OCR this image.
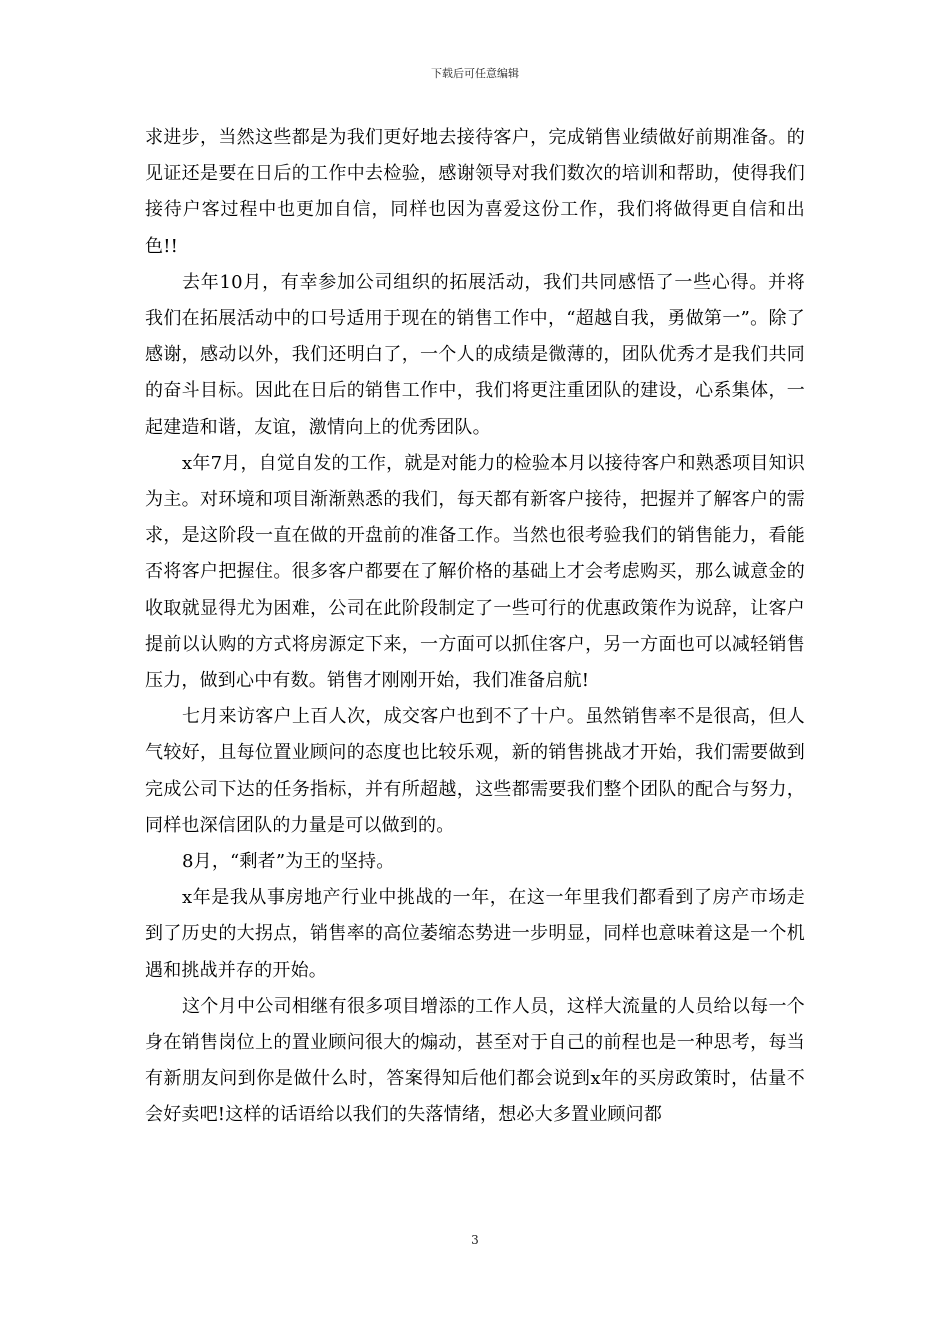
下载后可任意编辑

求进步，当然这些都是为我们更好地去接待客户，完成销售业绩做好前期准备。的见证还是要在日后的工作中去检验，感谢领导对我们数次的培训和帮助，使得我们接待户客过程中也更加自信，同样也因为喜爱这份工作，我们将做得更自信和出色!!

去年10月，有幸参加公司组织的拓展活动，我们共同感悟了一些心得。并将我们在拓展活动中的口号适用于现在的销售工作中，“超越自我，勇做第一”。除了感谢，感动以外，我们还明白了，一个人的成绩是微薄的，团队优秀才是我们共同的奋斗目标。因此在日后的销售工作中，我们将更注重团队的建设，心系集体，一起建造和谐，友谊，激情向上的优秀团队。

x年7月，自觉自发的工作，就是对能力的检验本月以接待客户和熟悉项目知识为主。对环境和项目渐渐熟悉的我们，每天都有新客户接待，把握并了解客户的需求，是这阶段一直在做的开盘前的准备工作。当然也很考验我们的销售能力，看能否将客户把握住。很多客户都要在了解价格的基础上才会考虑购买，那么诚意金的收取就显得尤为困难，公司在此阶段制定了一些可行的优惠政策作为说辞，让客户提前以认购的方式将房源定下来，一方面可以抓住客户，另一方面也可以减轻销售压力，做到心中有数。销售才刚刚开始，我们准备启航!

七月来访客户上百人次，成交客户也到不了十户。虽然销售率不是很高，但人气较好，且每位置业顾问的态度也比较乐观，新的销售挑战才开始，我们需要做到完成公司下达的任务指标，并有所超越，这些都需要我们整个团队的配合与努力，同样也深信团队的力量是可以做到的。

8月，“剩者”为王的坚持。

x年是我从事房地产行业中挑战的一年，在这一年里我们都看到了房产市场走到了历史的大拐点，销售率的高位萎缩态势进一步明显，同样也意味着这是一个机遇和挑战并存的开始。

这个月中公司相继有很多项目增添的工作人员，这样大流量的人员给以每一个身在销售岗位上的置业顾问很大的煽动，甚至对于自己的前程也是一种思考，每当有新朋友问到你是做什么时，答案得知后他们都会说到x年的买房政策时，估量不会好卖吧!这样的话语给以我们的失落情绪，想必大多置业顾问都

3
